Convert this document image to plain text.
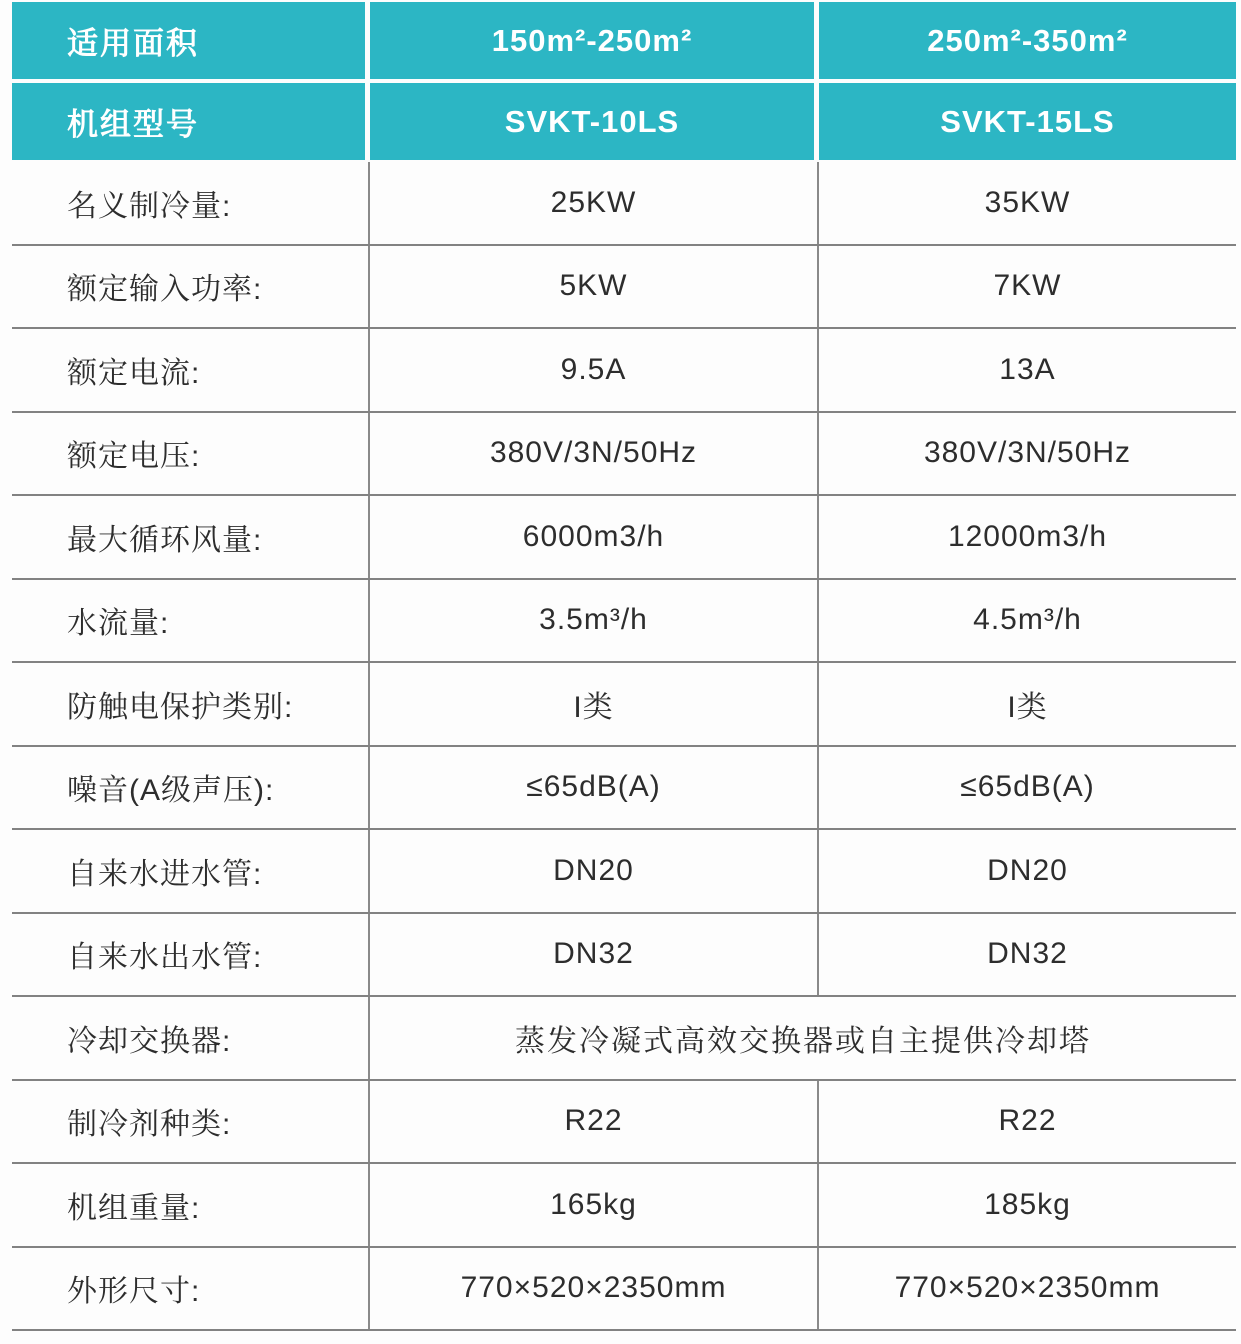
适用面积	150m²-250m²	250m²-350m²
机组型号	SVKT-10LS	SVKT-15LS
名义制冷量:	25KW	35KW
额定输入功率:	5KW	7KW
额定电流:	9.5A	13A
额定电压:	380V/3N/50Hz	380V/3N/50Hz
最大循环风量:	6000m3/h	12000m3/h
水流量:	3.5m³/h	4.5m³/h
防触电保护类别:	I类	I类
噪音(A级声压):	≤65dB(A)	≤65dB(A)
自来水进水管:	DN20	DN20
自来水出水管:	DN32	DN32
冷却交换器:	蒸发冷凝式高效交换器或自主提供冷却塔
制冷剂种类:	R22	R22
机组重量:	165kg	185kg
外形尺寸:	770×520×2350mm	770×520×2350mm
